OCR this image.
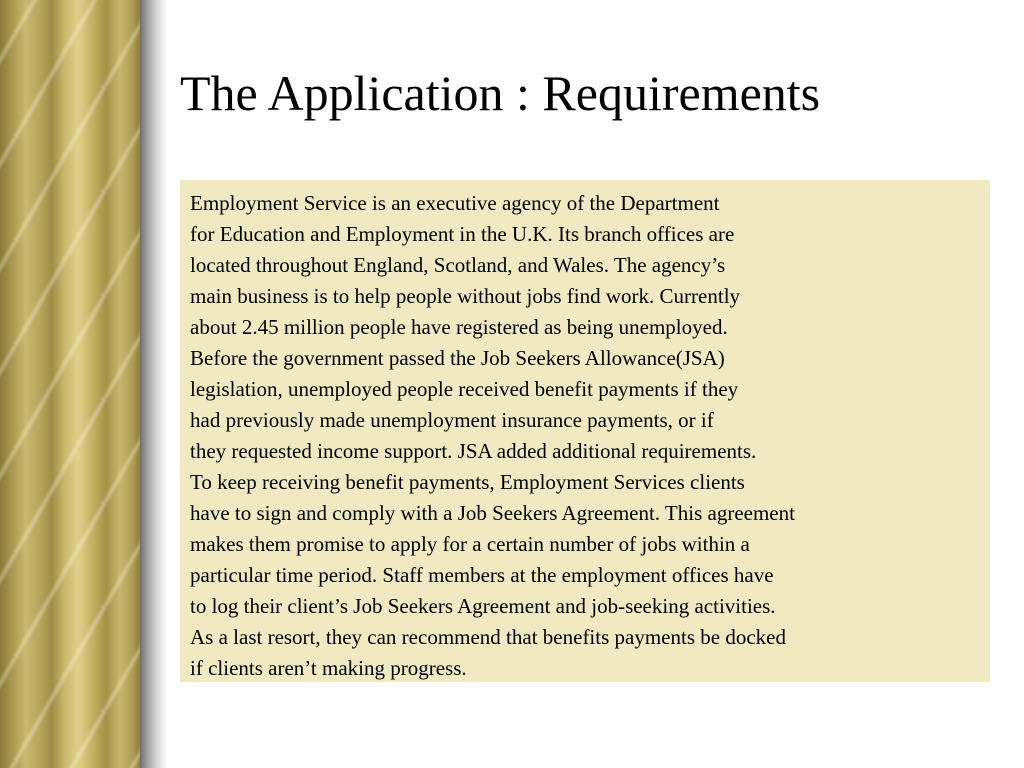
The Application : Requirements
Employment Service is an executive agency of the Department
for Education and Employment in the U.K. Its branch offices are
located throughout England, Scotland, and Wales. The agency’s
main business is to help people without jobs find work. Currently
about 2.45 million people have registered as being unemployed.
Before the government passed the Job Seekers Allowance(JSA)
legislation, unemployed people received benefit payments if they
had previously made unemployment insurance payments, or if
they requested income support. JSA added additional requirements.
To keep receiving benefit payments, Employment Services clients
have to sign and comply with a Job Seekers Agreement. This agreement
makes them promise to apply for a certain number of jobs within a
particular time period. Staff members at the employment offices have
to log their client’s Job Seekers Agreement and job-seeking activities.
As a last resort, they can recommend that benefits payments be docked
if clients aren’t making progress.
